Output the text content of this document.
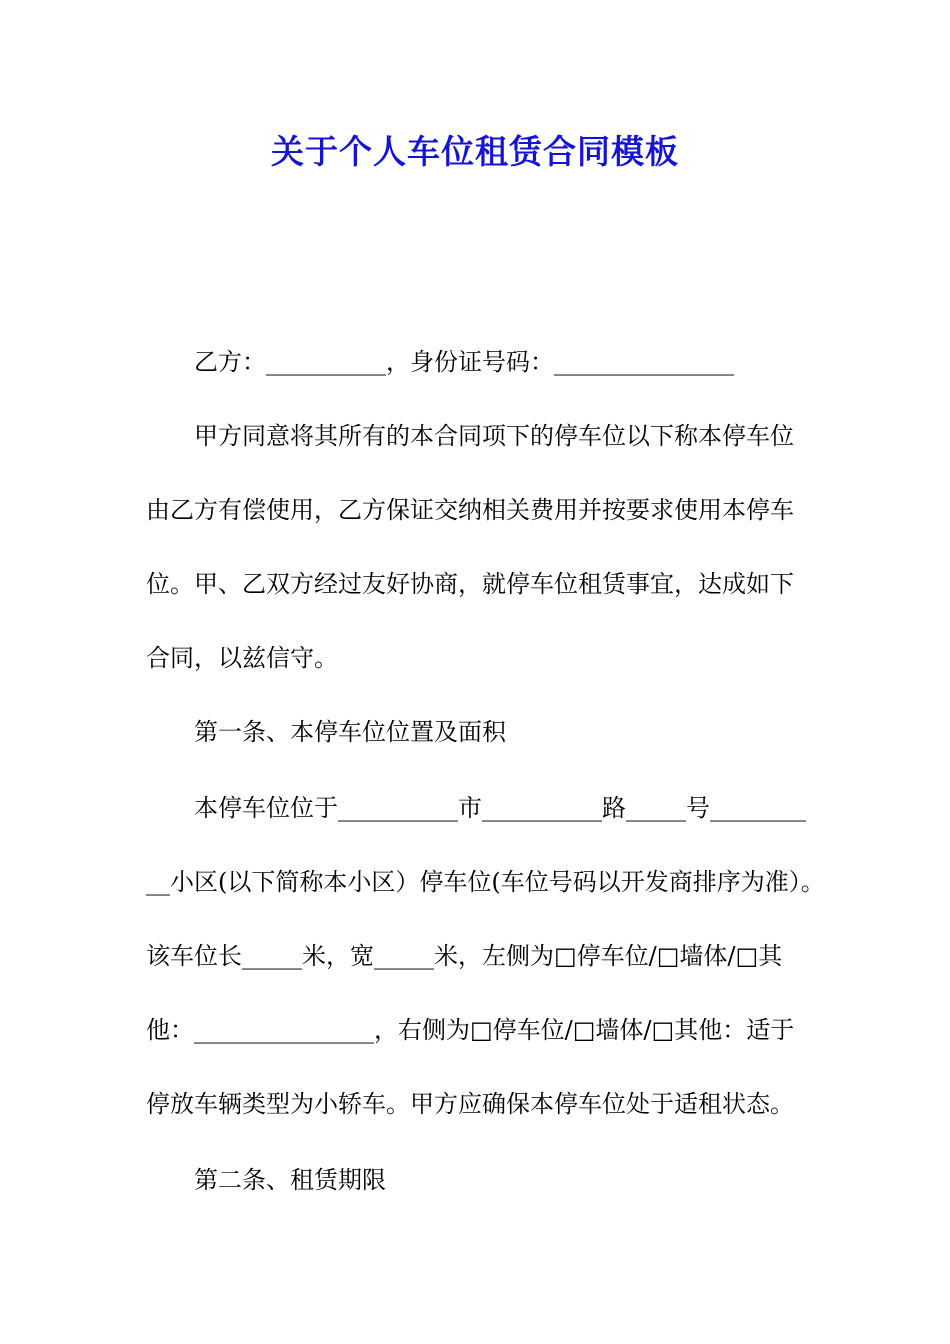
关于个人车位租赁合同模板
　　乙方：__________，身份证号码：_______________
　　甲方同意将其所有的本合同项下的停车位以下称本停车位
由乙方有偿使用，乙方保证交纳相关费用并按要求使用本停车
位。甲、乙双方经过友好协商，就停车位租赁事宜，达成如下
合同，以兹信守。
　　第一条、本停车位位置及面积
　　本停车位位于__________市__________路_____号________
__小区(以下简称本小区）停车位(车位号码以开发商排序为准）。
该车位长_____米，宽_____米，左侧为□停车位/□墙体/□其
他：_______________，右侧为□停车位/□墙体/□其他：适于
停放车辆类型为小轿车。甲方应确保本停车位处于适租状态。
　　第二条、租赁期限
